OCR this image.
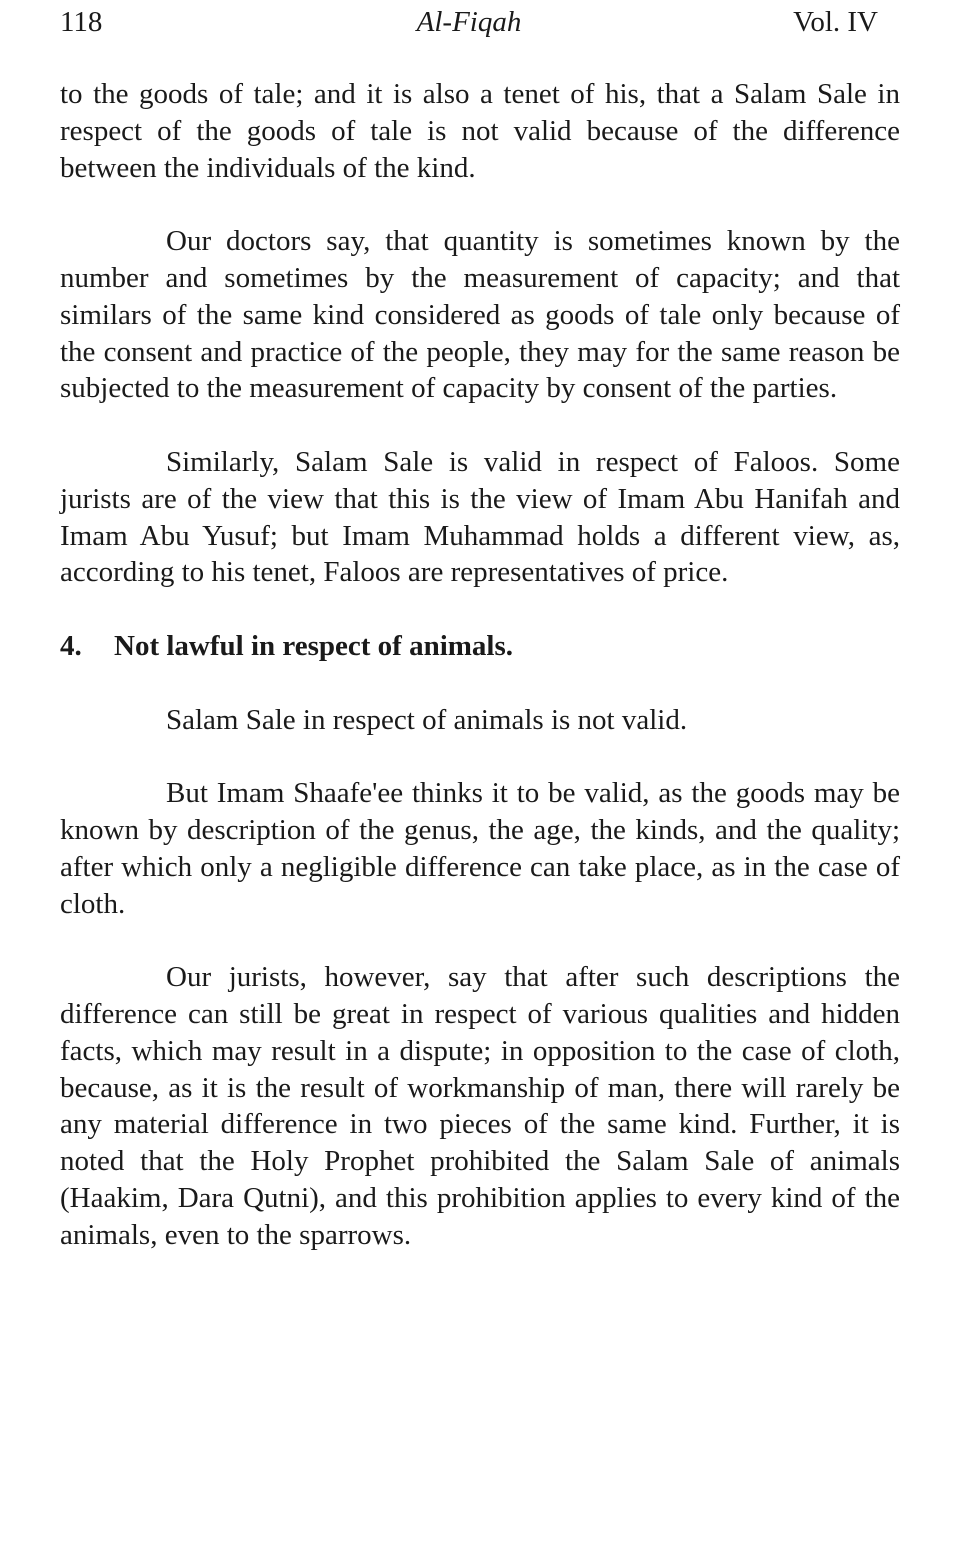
118	Al-Fiqah	Vol. IV

to the goods of tale; and it is also a tenet of his, that a Salam Sale in respect of the goods of tale is not valid because of the difference between the individuals of the kind.

Our doctors say, that quantity is sometimes known by the number and sometimes by the measurement of capacity; and that similars of the same kind considered as goods of tale only because of the consent and practice of the people, they may for the same reason be subjected to the measurement of capacity by consent of the parties.

Similarly, Salam Sale is valid in respect of Faloos. Some jurists are of the view that this is the view of Imam Abu Hanifah and Imam Abu Yusuf; but Imam Muhammad holds a different view, as, according to his tenet, Faloos are representatives of price.

4. Not lawful in respect of animals.

Salam Sale in respect of animals is not valid.

But Imam Shaafe'ee thinks it to be valid, as the goods may be known by description of the genus, the age, the kinds, and the quality; after which only a negligible difference can take place, as in the case of cloth.

Our jurists, however, say that after such descriptions the difference can still be great in respect of various qualities and hidden facts, which may result in a dispute; in opposition to the case of cloth, because, as it is the result of workmanship of man, there will rarely be any material difference in two pieces of the same kind. Further, it is noted that the Holy Prophet prohibited the Salam Sale of animals (Haakim, Dara Qutni), and this prohibition applies to every kind of the animals, even to the sparrows.
